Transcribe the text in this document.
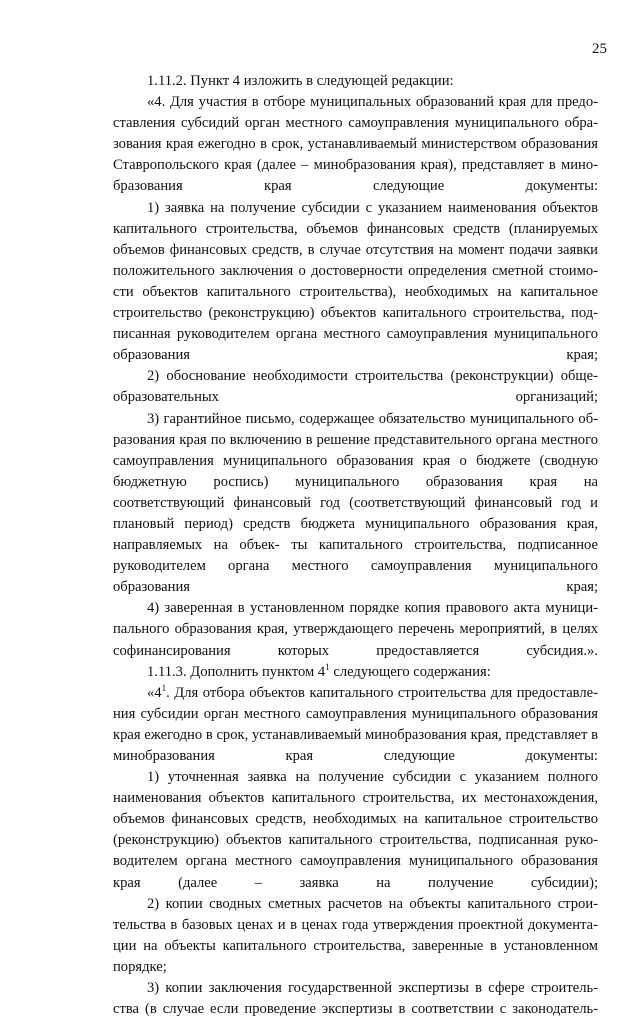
25

1.11.2. Пункт 4 изложить в следующей редакции:

«4. Для участия в отборе муниципальных образований края для предо- ставления субсидий орган местного самоуправления муниципального обра- зования края ежегодно в срок, устанавливаемый министерством образования Ставропольского края (далее – минобразования края), представляет в мино- бразования края следующие документы:

1) заявка на получение субсидии с указанием наименования объектов капитального строительства, объемов финансовых средств (планируемых объемов финансовых средств, в случае отсутствия на момент подачи заявки положительного заключения о достоверности определения сметной стоимо- сти объектов капитального строительства), необходимых на капитальное строительство (реконструкцию) объектов капитального строительства, под- писанная руководителем органа местного самоуправления муниципального образования края;

2) обоснование необходимости строительства (реконструкции) обще- образовательных организаций;

3) гарантийное письмо, содержащее обязательство муниципального об- разования края по включению в решение представительного органа местного самоуправления муниципального образования края о бюджете (сводную бюджетную роспись) муниципального образования края на соответствующий финансовый год (соответствующий финансовый год и плановый период) средств бюджета муниципального образования края, направляемых на объек- ты капитального строительства, подписанное руководителем органа местного самоуправления муниципального образования края;

4) заверенная в установленном порядке копия правового акта муници- пального образования края, утверждающего перечень мероприятий, в целях софинансирования которых предоставляется субсидия.».

1.11.3. Дополнить пунктом $4^1$ следующего содержания:

«$4^1$. Для отбора объектов капитального строительства для предоставле- ния субсидии орган местного самоуправления муниципального образования края ежегодно в срок, устанавливаемый минобразования края, представляет в минобразования края следующие документы:

1) уточненная заявка на получение субсидии с указанием полного наименования объектов капитального строительства, их местонахождения, объемов финансовых средств, необходимых на капитальное строительство (реконструкцию) объектов капитального строительства, подписанная руко- водителем органа местного самоуправления муниципального образования края (далее – заявка на получение субсидии);

2) копии сводных сметных расчетов на объекты капитального строи- тельства в базовых ценах и в ценах года утверждения проектной документа- ции на объекты капитального строительства, заверенные в установленном порядке;

3) копии заключения государственной экспертизы в сфере строитель- ства (в случае если проведение экспертизы в соответствии с законодатель-
